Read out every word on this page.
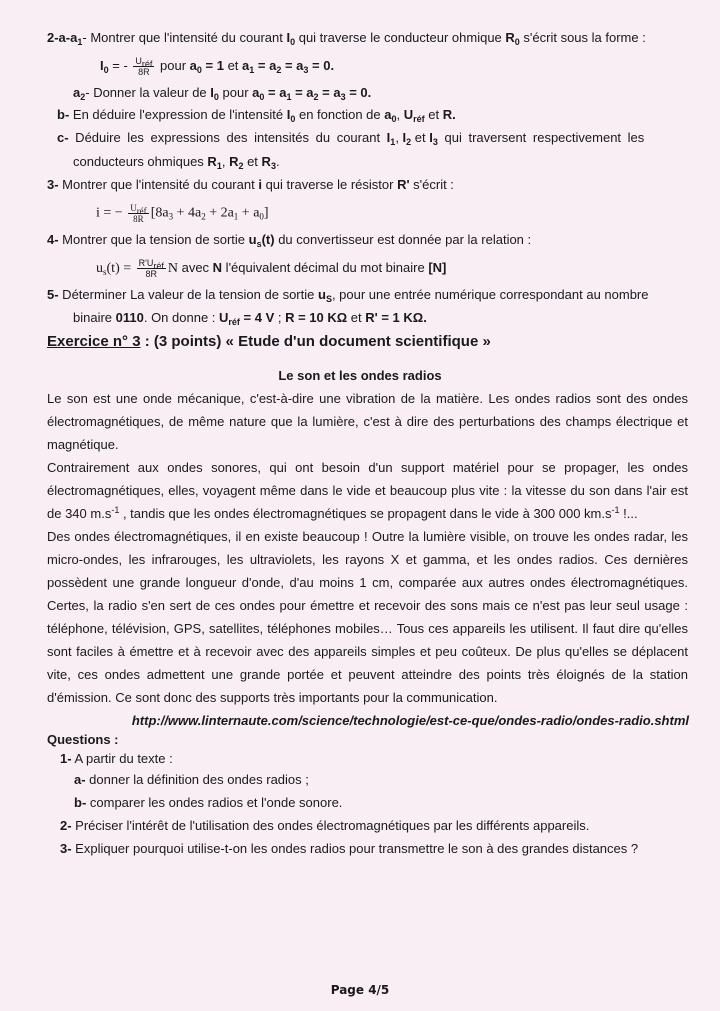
$2-a-a_1-$ Montrer que l'intensité du courant $I_0$ qui traverse le conducteur ohmique $R_0$ s'écrit sous la forme :
$I_0$ = - $\frac{U_{réf}}{8R}$ pour $a_0 = 1$ et $a_1 = a_2 = a_3 = 0$.
$a_2-$ Donner la valeur de $I_0$ pour $a_0 = a_1 = a_2 = a_3 = 0$.
b- En déduire l'expression de l'intensité $I_0$ en fonction de $a_0$, $U_{réf}$ et R.
c- Déduire les expressions des intensités du courant $I_1$, $I_2$ et $I_3$ qui traversent respectivement les
conducteurs ohmiques $R_1$, $R_2$ et $R_3$.
3- Montrer que l'intensité du courant i qui traverse le résistor R' s'écrit :
i = − $\frac{U_{réf}}{8R} [8a_3 + 4a_2 + 2a_1 + a_0]$
4- Montrer que la tension de sortie $u_s(t)$ du convertisseur est donnée par la relation :
$u_s(t) = \frac{R'U_{réf}}{8R}$ N avec N l'équivalent décimal du mot binaire [N]
5- Déterminer La valeur de la tension de sortie $u_S$, pour une entrée numérique correspondant au nombre
binaire 0110. On donne : $U_{réf} = 4$ V ; R = 10 KΩ et R' = 1 KΩ.
Exercice n° 3 : (3 points) « Etude d'un document scientifique »
Le son et les ondes radios

Le son est une onde mécanique, c'est-à-dire une vibration de la matière. Les ondes radios sont des ondes électromagnétiques, de même nature que la lumière, c'est à dire des perturbations des champs électrique et magnétique.

Contrairement aux ondes sonores, qui ont besoin d'un support matériel pour se propager, les ondes électromagnétiques, elles, voyagent même dans le vide et beaucoup plus vite : la vitesse du son dans l'air est de 340 $m.s^{-1}$ , tandis que les ondes électromagnétiques se propagent dans le vide à 300 000 $km.s^{-1}$ !...

Des ondes électromagnétiques, il en existe beaucoup ! Outre la lumière visible, on trouve les ondes radar, les micro-ondes, les infrarouges, les ultraviolets, les rayons X et gamma, et les ondes radios. Ces dernières possèdent une grande longueur d'onde, d'au moins 1 cm, comparée aux autres ondes électromagnétiques. Certes, la radio s'en sert de ces ondes pour émettre et recevoir des sons mais ce n'est pas leur seul usage : téléphone, télévision, GPS, satellites, téléphones mobiles… Tous ces appareils les utilisent. Il faut dire qu'elles sont faciles à émettre et à recevoir avec des appareils simples et peu coûteux. De plus qu'elles se déplacent vite, ces ondes admettent une grande portée et peuvent atteindre des points très éloignés de la station d'émission. Ce sont donc des supports très importants pour la communication.

http://www.linternaute.com/science/technologie/est-ce-que/ondes-radio/ondes-radio.shtml
Questions :
1- A partir du texte :
a- donner la définition des ondes radios ;
b- comparer les ondes radios et l'onde sonore.
2- Préciser l'intérêt de l'utilisation des ondes électromagnétiques par les différents appareils.
3- Expliquer pourquoi utilise-t-on les ondes radios pour transmettre le son à des grandes distances ?
Page 4/5
